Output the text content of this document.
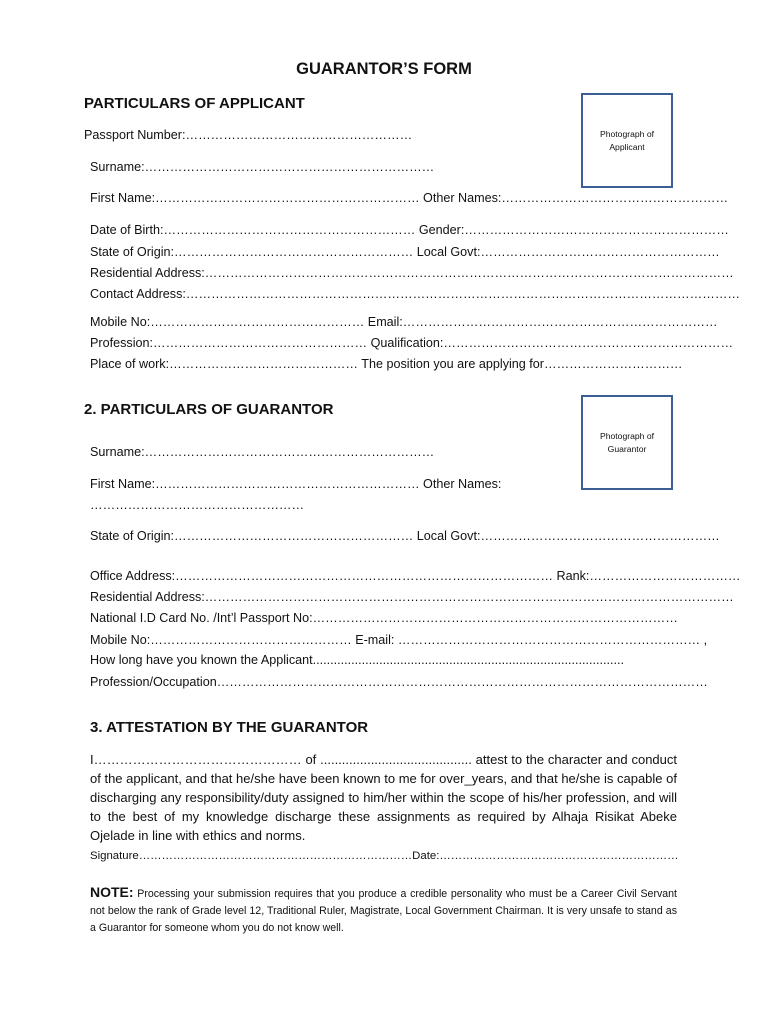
GUARANTOR’S FORM
PARTICULARS OF APPLICANT
Photograph of Applicant
Passport Number:………………………………………………
Surname:……………………………………………………………
First Name:……………………………………………………… Other Names:………………………………………………
Date of Birth:…………………………………………………… Gender:………………………………………………………
State of Origin:………………………………………………… Local Govt:…………………………………………………
Residential Address:………………………………………………………………………………………………………………
Contact Address:……………………………………………………………………………………………………………………
Mobile No:…………………………………………… Email:…………………………………………………………………
Profession:…………………………………………… Qualification:……………………………………………………………
Place of work:……………………………………… The position you are applying for……………………………
2. PARTICULARS OF GUARANTOR
Photograph of Guarantor
Surname:……………………………………………………………
First Name:……………………………………………………… Other Names:
……………………………………………
State of Origin:………………………………………………… Local Govt:…………………………………………………
Office Address:……………………………………………………………………………… Rank:………………………………
Residential Address:………………………………………………………………………………………………………………
National I.D Card No. /Int’l Passport No:……………………………………………………………………………
Mobile No:………………………………………… E-mail: ……………………………………………………………… ,
How long have you known the Applicant.........................................................................................
Profession/Occupation………………………………………………………………………………………………………
3. ATTESTATION BY THE GUARANTOR
I………………………………………… of .......................................... attest to the character and conduct of the applicant, and that he/she have been known to me for over_years, and that he/she is capable of discharging any responsibility/duty assigned to him/her within the scope of his/her profession, and will to the best of my knowledge discharge these assignments as required by Alhaja Risikat Abeke Ojelade in line with ethics and norms.
Signature………………………………………………………………Date:………………………………………………………
NOTE: Processing your submission requires that you produce a credible personality who must be a Career Civil Servant not below the rank of Grade level 12, Traditional Ruler, Magistrate, Local Government Chairman. It is very unsafe to stand as a Guarantor for someone whom you do not know well.
